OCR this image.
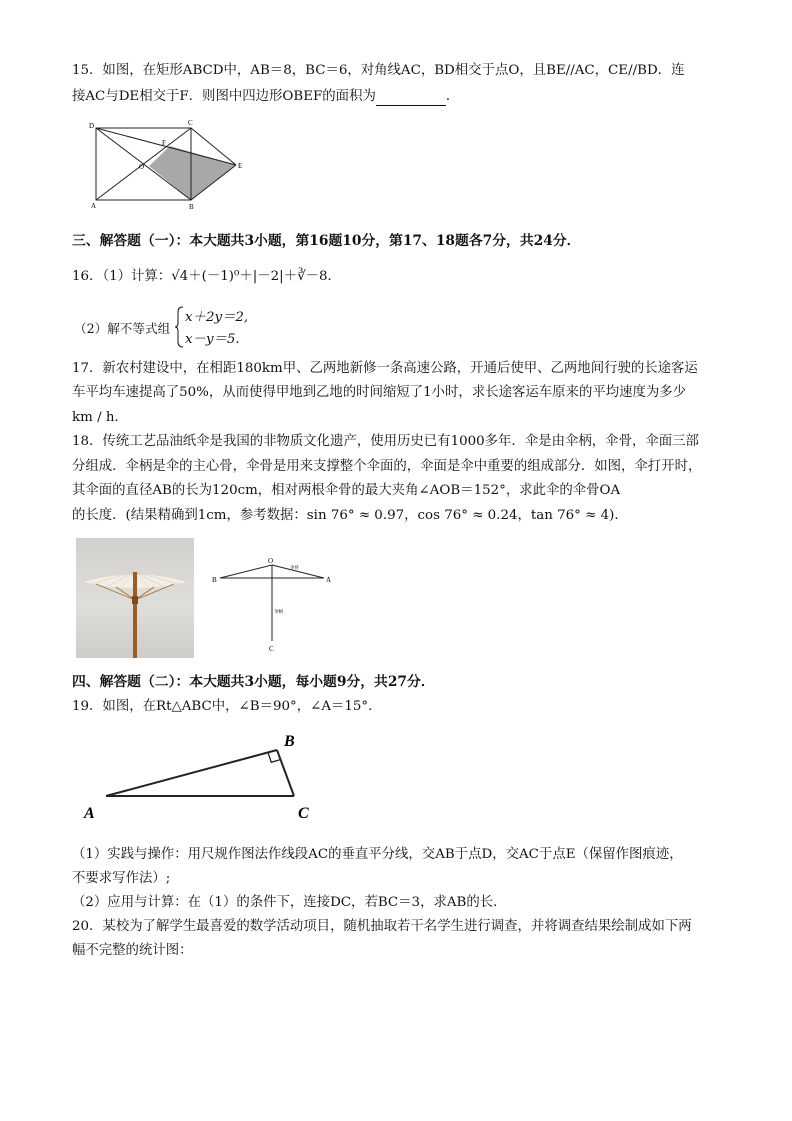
15．如图，在矩形ABCD中，AB＝8，BC＝6，对角线AC，BD相交于点O，且BE//AC，CE//BD．连
接AC与DE相交于F．则图中四边形OBEF的面积为	．
D	C
F
O	E
A	B
三、解答题（一）：本大题共3小题，第16题10分，第17、18题各7分，共24分．
16．（1）计算：√4＋(－1)⁰＋|－2|＋∛－8．
（2）解不等式组
x＋2y＝2,
x－y＝5.
17．新农村建设中，在相距180km甲、乙两地新修一条高速公路，开通后使甲、乙两地间行驶的长途客运
车平均车速提高了50%，从而使得甲地到乙地的时间缩短了1小时，求长途客运车原来的平均速度为多少
km / h．
18．传统工艺品油纸伞是我国的非物质文化遗产，使用历史已有1000多年．伞是由伞柄，伞骨，伞面三部
分组成．伞柄是伞的主心骨，伞骨是用来支撑整个伞面的，伞面是伞中重要的组成部分．如图，伞打开时，
其伞面的直径AB的长为120cm，相对两根伞骨的最大夹角∠AOB＝152°，求此伞的伞骨OA
的长度．(结果精确到1cm，参考数据：sin 76° ≈ 0.97，cos 76° ≈ 0.24，tan 76° ≈ 4)．
O
B	A
C
伞骨
伞柄
四、解答题（二）：本大题共3小题，每小题9分，共27分．
19．如图，在Rt△ABC中，∠B＝90°，∠A＝15°．
B
A	C
（1）实践与操作：用尺规作图法作线段AC的垂直平分线，交AB于点D，交AC于点E（保留作图痕迹，
不要求写作法）;
（2）应用与计算：在（1）的条件下，连接DC，若BC＝3，求AB的长．
20．某校为了解学生最喜爱的数学活动项目，随机抽取若干名学生进行调查，并将调查结果绘制成如下两
幅不完整的统计图：
